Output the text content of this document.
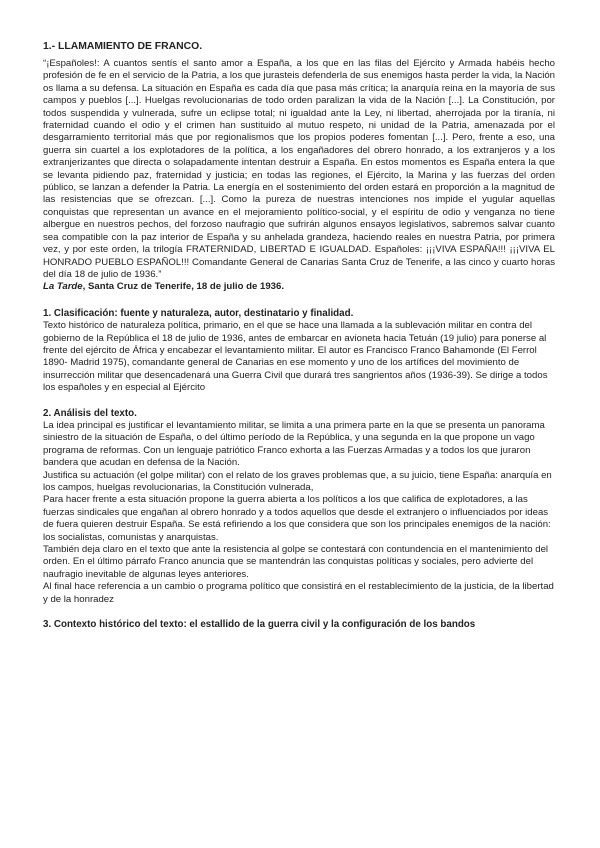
1.- LLAMAMIENTO DE FRANCO.

“¡Españoles!: A cuantos sentís el santo amor a España, a los que en las filas del Ejército y Armada habéis hecho profesión de fe en el servicio de la Patria, a los que jurasteis defenderla de sus enemigos hasta perder la vida, la Nación os llama a su defensa. La situación en España es cada día que pasa más crítica; la anarquía reina en la mayoría de sus campos y pueblos [...]. Huelgas revolucionarias de todo orden paralizan la vida de la Nación [...]. La Constitución, por todos suspendida y vulnerada, sufre un eclipse total; ni igualdad ante la Ley, ni libertad, aherrojada por la tiranía, ni fraternidad cuando el odio y el crimen han sustituido al mutuo respeto, ni unidad de la Patria, amenazada por el desgarramiento territorial más que por regionalismos que los propios poderes fomentan [...]. Pero, frente a eso, una guerra sin cuartel a los explotadores de la política, a los engañadores del obrero honrado, a los extranjeros y a los extranjerizantes que directa o solapadamente intentan destruir a España. En estos momentos es España entera la que se levanta pidiendo paz, fraternidad y justicia; en todas las regiones, el Ejército, la Marina y las fuerzas del orden público, se lanzan a defender la Patria. La energía en el sostenimiento del orden estará en proporción a la magnitud de las resistencias que se ofrezcan. [...]. Como la pureza de nuestras intenciones nos impide el yugular aquellas conquistas que representan un avance en el mejoramiento político-social, y el espíritu de odio y venganza no tiene albergue en nuestros pechos, del forzoso naufragio que sufrirán algunos ensayos legislativos, sabremos salvar cuanto sea compatible con la paz interior de España y su anhelada grandeza, haciendo reales en nuestra Patria, por primera vez, y por este orden, la trilogía FRATERNIDAD, LIBERTAD E IGUALDAD. Españoles: ¡¡¡VIVA ESPAÑA!!! ¡¡¡VIVA EL HONRADO PUEBLO ESPAÑOL!!! Comandante General de Canarias Santa Cruz de Tenerife, a las cinco y cuarto horas del día 18 de julio de 1936.”

La Tarde, Santa Cruz de Tenerife, 18 de julio de 1936.

1. Clasificación: fuente y naturaleza, autor, destinatario y finalidad.

Texto histórico de naturaleza política, primario, en el que se hace una llamada a la sublevación militar en contra del gobierno de la República el 18 de julio de 1936, antes de embarcar en avioneta hacia Tetuán (19 julio) para ponerse al frente del ejército de África y encabezar el levantamiento militar. El autor es Francisco Franco Bahamonde (El Ferrol 1890- Madrid 1975), comandante general de Canarias en ese momento y uno de los artífices del movimiento de insurrección militar que desencadenará una Guerra Civil que durará tres sangrientos años (1936-39). Se dirige a todos los españoles y en especial al Ejército

2. Análisis del texto.

La idea principal es justificar el levantamiento militar, se limita a una primera parte en la que se presenta un panorama siniestro de la situación de España, o del último período de la República, y una segunda en la que propone un vago programa de reformas. Con un lenguaje patriótico Franco exhorta a las Fuerzas Armadas y a todos los que juraron bandera que acudan en defensa de la Nación.

Justifica su actuación (el golpe militar) con el relato de los graves problemas que, a su juicio, tiene España: anarquía en los campos, huelgas revolucionarias, la Constitución vulnerada,

Para hacer frente a esta situación propone la guerra abierta a los políticos a los que califica de explotadores, a las fuerzas sindicales que engañan al obrero honrado y a todos aquellos que desde el extranjero o influenciados por ideas de fuera quieren destruir España. Se está refiriendo a los que considera que son los principales enemigos de la nación: los socialistas, comunistas y anarquistas.

También deja claro en el texto que ante la resistencia al golpe se contestará con contundencia en el mantenimiento del orden. En el último párrafo Franco anuncia que se mantendrán las conquistas políticas y sociales, pero advierte del naufragio inevitable de algunas leyes anteriores.

Al final hace referencia a un cambio o programa político que consistirá en el restablecimiento de la justicia, de la libertad y de la honradez

3. Contexto histórico del texto: el estallido de la guerra civil y la configuración de los bandos
